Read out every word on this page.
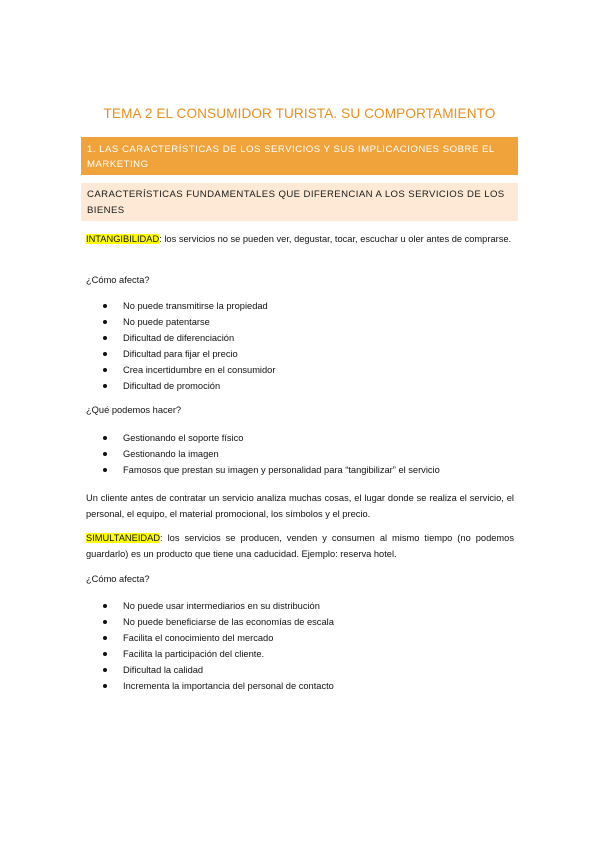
TEMA 2 EL CONSUMIDOR TURISTA. SU COMPORTAMIENTO
1. LAS CARACTERÍSTICAS DE LOS SERVICIOS Y SUS IMPLICACIONES SOBRE EL
MARKETING
CARACTERÍSTICAS FUNDAMENTALES QUE DIFERENCIAN A LOS SERVICIOS DE LOS
BIENES
INTANGIBILIDAD: los servicios no se pueden ver, degustar, tocar, escuchar u oler antes de comprarse.
¿Cómo afecta?
No puede transmitirse la propiedad
No puede patentarse
Dificultad de diferenciación
Dificultad para fijar el precio
Crea incertidumbre en el consumidor
Dificultad de promoción
¿Qué podemos hacer?
Gestionando el soporte físico
Gestionando la imagen
Famosos que prestan su imagen y personalidad para “tangibilizar” el servicio
Un cliente antes de contratar un servicio analiza muchas cosas, el lugar donde se realiza el servicio, el personal, el equipo, el material promocional, los símbolos y el precio.
SIMULTANEIDAD: los servicios se producen, venden y consumen al mismo tiempo (no podemos guardarlo) es un producto que tiene una caducidad. Ejemplo: reserva hotel.
¿Cómo afecta?
No puede usar intermediarios en su distribución
No puede beneficiarse de las economías de escala
Facilita el conocimiento del mercado
Facilita la participación del cliente.
Dificultad la calidad
Incrementa la importancia del personal de contacto
